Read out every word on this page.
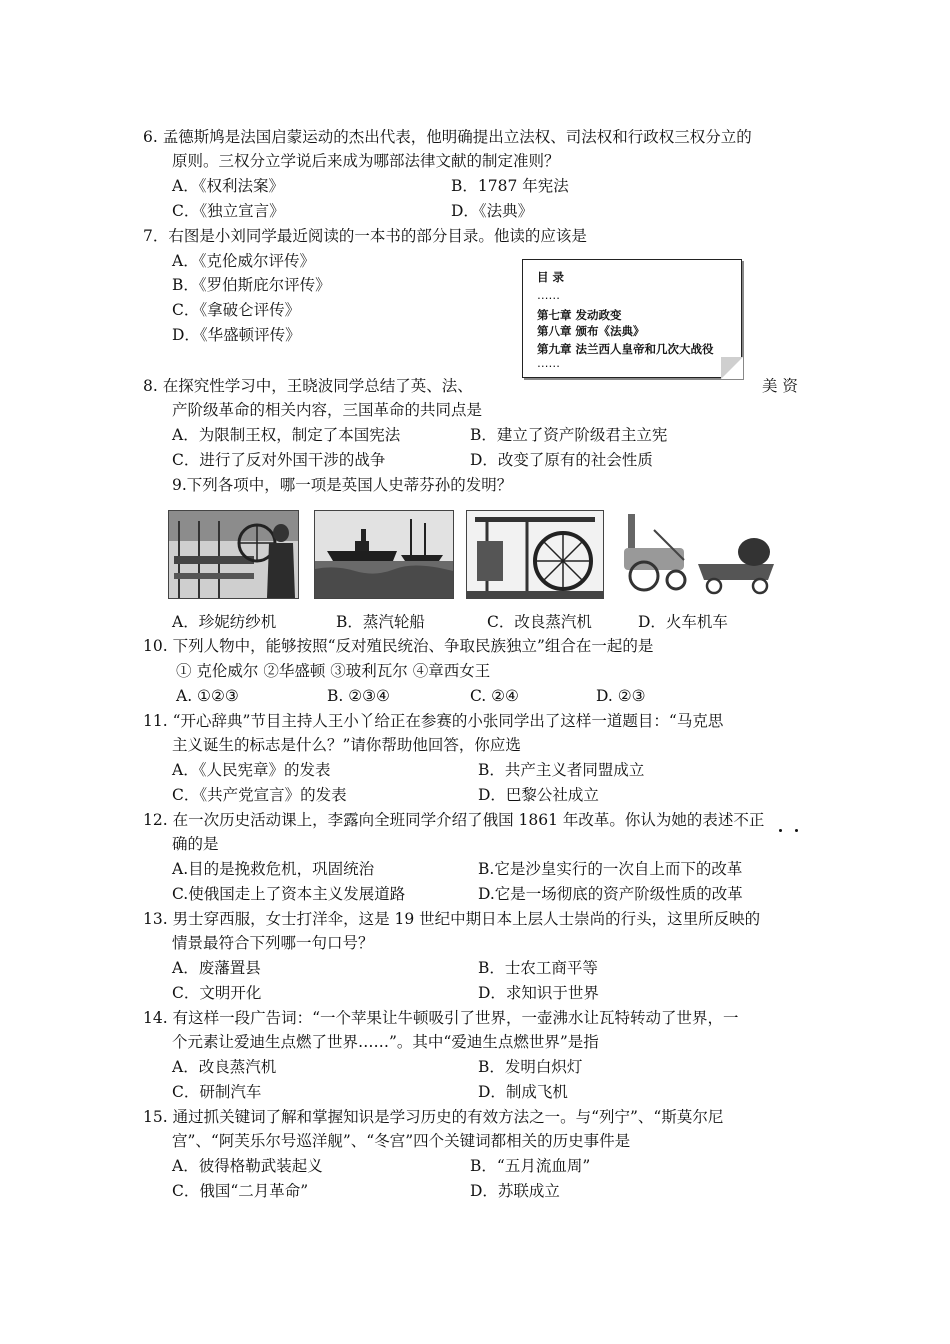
6. 孟德斯鸠是法国启蒙运动的杰出代表，他明确提出立法权、司法权和行政权三权分立的
原则。三权分立学说后来成为哪部法律文献的制定准则？
A．《权利法案》	B．1787 年宪法
C．《独立宣言》	D．《法典》
7．右图是小刘同学最近阅读的一本书的部分目录。他读的应该是
A．《克伦威尔评传》
B．《罗伯斯庇尔评传》
C．《拿破仑评传》
D．《华盛顿评传》
目 录
……
第七章 发动政变
第八章 颁布《法典》
第九章 法兰西人皇帝和几次大战役
……
8. 在探究性学习中，王晓波同学总结了英、法、	美 资
产阶级革命的相关内容，三国革命的共同点是
A．为限制王权，制定了本国宪法	B．建立了资产阶级君主立宪
C．进行了反对外国干涉的战争	D．改变了原有的社会性质
9.下列各项中，哪一项是英国人史蒂芬孙的发明？
A．珍妮纺纱机	B．蒸汽轮船	C．改良蒸汽机	D．火车机车
10. 下列人物中，能够按照“反对殖民统治、争取民族独立”组合在一起的是
① 克伦威尔 ②华盛顿 ③玻利瓦尔 ④章西女王
A. ①②③	B. ②③④	C. ②④	D. ②③
11. “开心辞典”节目主持人王小丫给正在参赛的小张同学出了这样一道题目：“马克思
主义诞生的标志是什么？”请你帮助他回答，你应选
A．《人民宪章》的发表	B．共产主义者同盟成立
C．《共产党宣言》的发表	D．巴黎公社成立
12. 在一次历史活动课上，李露向全班同学介绍了俄国 1861 年改革。你认为她的表述不正
确的是
A.目的是挽救危机，巩固统治	B.它是沙皇实行的一次自上而下的改革
C.使俄国走上了资本主义发展道路	D.它是一场彻底的资产阶级性质的改革
13. 男士穿西服，女士打洋伞，这是 19 世纪中期日本上层人士崇尚的行头，这里所反映的
情景最符合下列哪一句口号？
A．废藩置县	B．士农工商平等
C．文明开化	D．求知识于世界
14. 有这样一段广告词：“一个苹果让牛顿吸引了世界，一壶沸水让瓦特转动了世界，一
个元素让爱迪生点燃了世界……”。其中“爱迪生点燃世界”是指
A．改良蒸汽机	B．发明白炽灯
C．研制汽车	D．制成飞机
15. 通过抓关键词了解和掌握知识是学习历史的有效方法之一。与“列宁”、“斯莫尔尼
宫”、“阿芙乐尔号巡洋舰”、“冬宫”四个关键词都相关的历史事件是
A．彼得格勒武装起义	B．“五月流血周”
C．俄国“二月革命”	D．苏联成立
